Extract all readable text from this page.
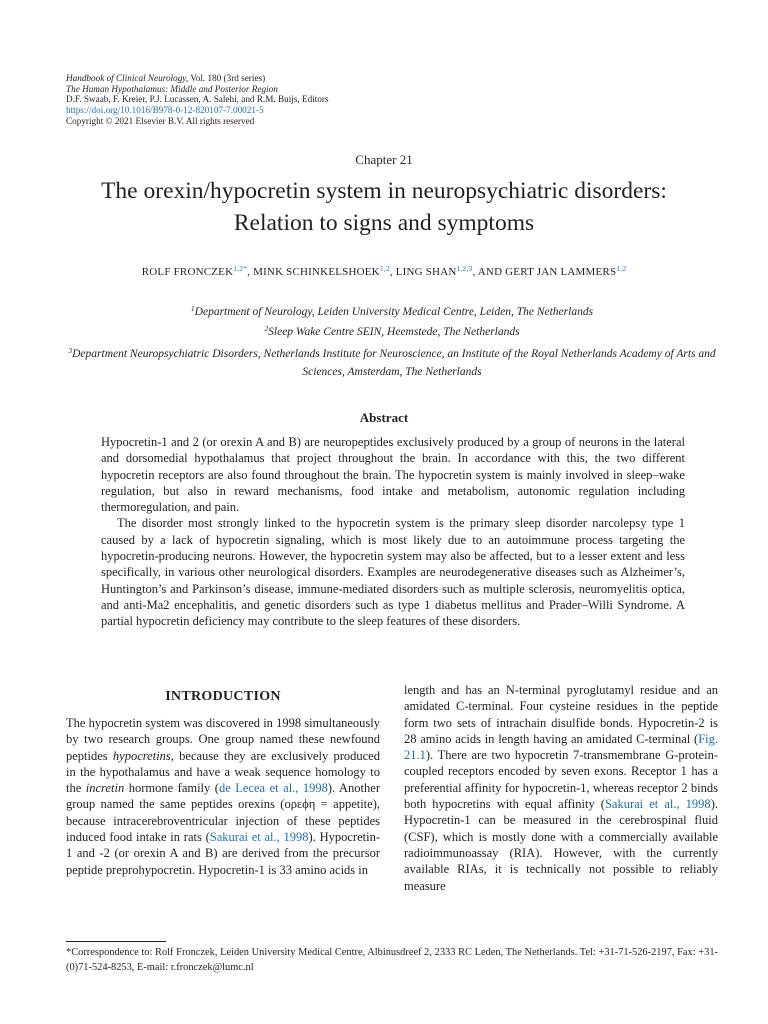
Handbook of Clinical Neurology, Vol. 180 (3rd series)
The Human Hypothalamus: Middle and Posterior Region
D.F. Swaab, F. Kreier, P.J. Lucassen, A. Salehi, and R.M. Buijs, Editors
https://doi.org/10.1016/B978-0-12-820107-7.00021-5
Copyright © 2021 Elsevier B.V. All rights reserved
Chapter 21
The orexin/hypocretin system in neuropsychiatric disorders:
Relation to signs and symptoms
ROLF $FRONCZEK^{1,2*}$, MINK SCHINKELSHOEK$^{1,2}$, LING SHAN$^{1,2,3}$, AND GERT JAN LAMMERS$^{1,2}$
$^1$Department of Neurology, Leiden University Medical Centre, Leiden, The Netherlands
$^2$Sleep Wake Centre SEIN, Heemstede, The Netherlands
$^3$Department Neuropsychiatric Disorders, Netherlands Institute for Neuroscience, an Institute of the Royal Netherlands Academy of Arts and Sciences, Amsterdam, The Netherlands
Abstract

Hypocretin-1 and 2 (or orexin A and B) are neuropeptides exclusively produced by a group of neurons in the lateral and dorsomedial hypothalamus that project throughout the brain. In accordance with this, the two different hypocretin receptors are also found throughout the brain. The hypocretin system is mainly involved in sleep–wake regulation, but also in reward mechanisms, food intake and metabolism, autonomic regulation including thermoregulation, and pain.

The disorder most strongly linked to the hypocretin system is the primary sleep disorder narcolepsy type 1 caused by a lack of hypocretin signaling, which is most likely due to an autoimmune process targeting the hypocretin-producing neurons. However, the hypocretin system may also be affected, but to a lesser extent and less specifically, in various other neurological disorders. Examples are neurodegenerative diseases such as Alzheimer’s, Huntington’s and Parkinson’s disease, immune-mediated disorders such as multiple sclerosis, neuromyelitis optica, and anti-Ma2 encephalitis, and genetic disorders such as type 1 diabetus mellitus and Prader–Willi Syndrome. A partial hypocretin deficiency may contribute to the sleep features of these disorders.

INTRODUCTION

The hypocretin system was discovered in 1998 simultaneously by two research groups. One group named these newfound peptides hypocretins, because they are exclusively produced in the hypothalamus and have a weak sequence homology to the incretin hormone family (de Lecea et al., 1998). Another group named the same peptides orexins (ορεϕη = appetite), because intracerebroventricular injection of these peptides induced food intake in rats (Sakurai et al., 1998). Hypocretin-1 and -2 (or orexin A and B) are derived from the precursor peptide preprohypocretin. Hypocretin-1 is 33 amino acids in

length and has an N-terminal pyroglutamyl residue and an amidated C-terminal. Four cysteine residues in the peptide form two sets of intrachain disulfide bonds. Hypocretin-2 is 28 amino acids in length having an amidated C-terminal (Fig. 21.1). There are two hypocretin 7-transmembrane G-protein-coupled receptors encoded by seven exons. Receptor 1 has a preferential affinity for hypocretin-1, whereas receptor 2 binds both hypocretins with equal affinity (Sakurai et al., 1998). Hypocretin-1 can be measured in the cerebrospinal fluid (CSF), which is mostly done with a commercially available radioimmunoassay (RIA). However, with the currently available RIAs, it is technically not possible to reliably measure

*Correspondence to: Rolf Fronczek, Leiden University Medical Centre, Albinusdreef 2, 2333 RC Leden, The Netherlands. Tel: +31-71-526-2197, Fax: +31-(0)71-524-8253, E-mail: r.fronczek@lumc.nl
